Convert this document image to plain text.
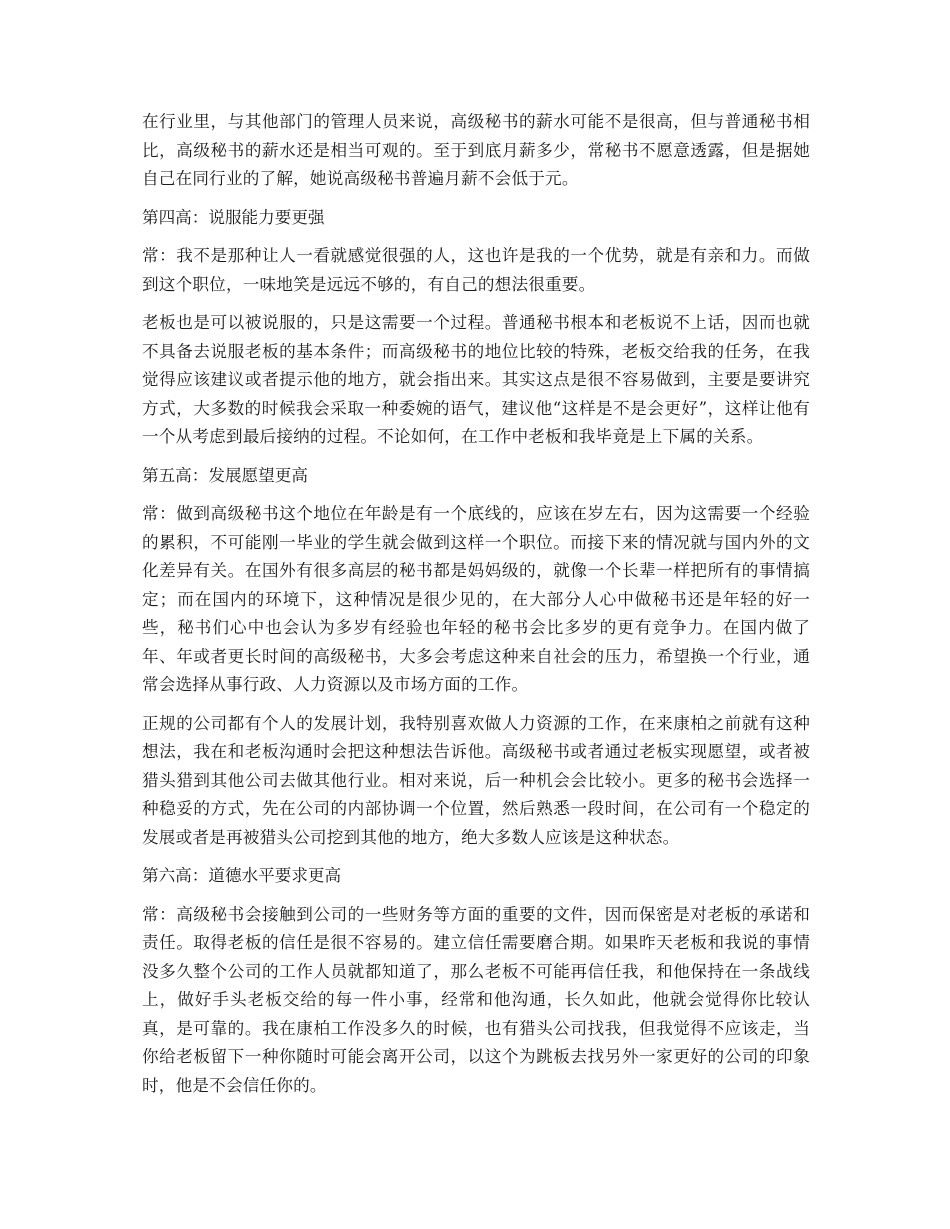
在行业里，与其他部门的管理人员来说，高级秘书的薪水可能不是很高，但与普通秘书相比，高级秘书的薪水还是相当可观的。至于到底月薪多少，常秘书不愿意透露，但是据她自己在同行业的了解，她说高级秘书普遍月薪不会低于元。

第四高：说服能力要更强

常：我不是那种让人一看就感觉很强的人，这也许是我的一个优势，就是有亲和力。而做到这个职位，一味地笑是远远不够的，有自己的想法很重要。

老板也是可以被说服的，只是这需要一个过程。普通秘书根本和老板说不上话，因而也就不具备去说服老板的基本条件；而高级秘书的地位比较的特殊，老板交给我的任务，在我觉得应该建议或者提示他的地方，就会指出来。其实这点是很不容易做到，主要是要讲究方式，大多数的时候我会采取一种委婉的语气，建议他“这样是不是会更好”，这样让他有一个从考虑到最后接纳的过程。不论如何，在工作中老板和我毕竟是上下属的关系。

第五高：发展愿望更高

常：做到高级秘书这个地位在年龄是有一个底线的，应该在岁左右，因为这需要一个经验的累积，不可能刚一毕业的学生就会做到这样一个职位。而接下来的情况就与国内外的文化差异有关。在国外有很多高层的秘书都是妈妈级的，就像一个长辈一样把所有的事情搞定；而在国内的环境下，这种情况是很少见的，在大部分人心中做秘书还是年轻的好一些，秘书们心中也会认为多岁有经验也年轻的秘书会比多岁的更有竞争力。在国内做了年、年或者更长时间的高级秘书，大多会考虑这种来自社会的压力，希望换一个行业，通常会选择从事行政、人力资源以及市场方面的工作。

正规的公司都有个人的发展计划，我特别喜欢做人力资源的工作，在来康柏之前就有这种想法，我在和老板沟通时会把这种想法告诉他。高级秘书或者通过老板实现愿望，或者被猎头猎到其他公司去做其他行业。相对来说，后一种机会会比较小。更多的秘书会选择一种稳妥的方式，先在公司的内部协调一个位置，然后熟悉一段时间，在公司有一个稳定的发展或者是再被猎头公司挖到其他的地方，绝大多数人应该是这种状态。

第六高：道德水平要求更高

常：高级秘书会接触到公司的一些财务等方面的重要的文件，因而保密是对老板的承诺和责任。取得老板的信任是很不容易的。建立信任需要磨合期。如果昨天老板和我说的事情没多久整个公司的工作人员就都知道了，那么老板不可能再信任我，和他保持在一条战线上，做好手头老板交给的每一件小事，经常和他沟通，长久如此，他就会觉得你比较认真，是可靠的。我在康柏工作没多久的时候，也有猎头公司找我，但我觉得不应该走，当你给老板留下一种你随时可能会离开公司，以这个为跳板去找另外一家更好的公司的印象时，他是不会信任你的。
